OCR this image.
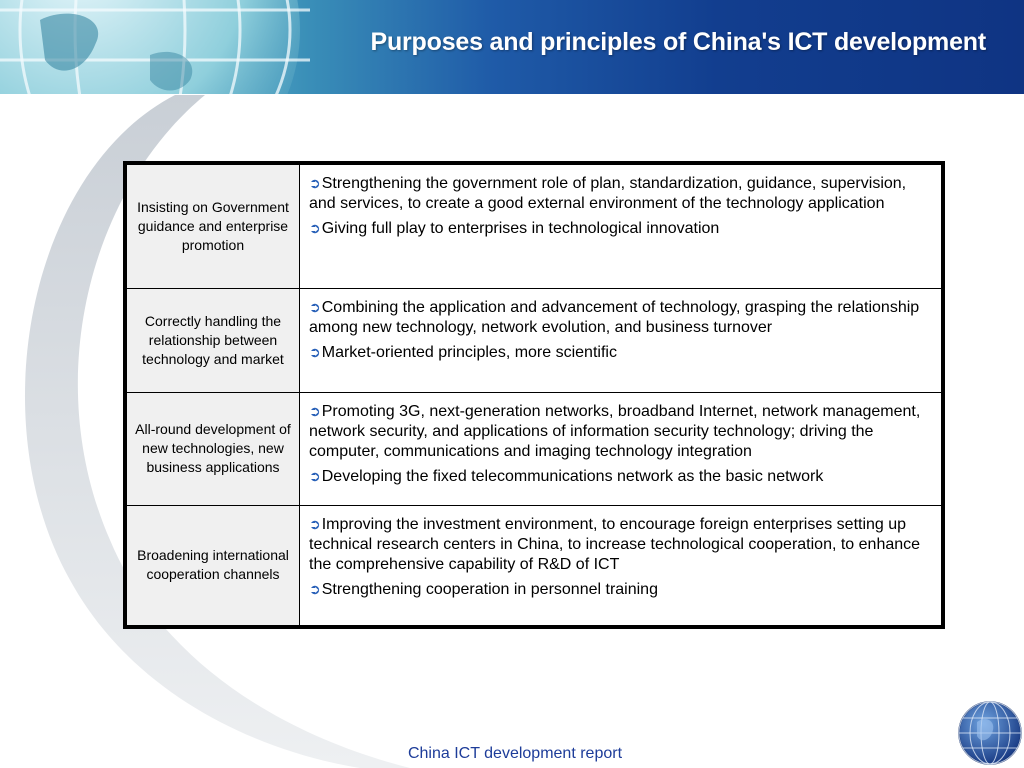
Purposes and principles of China's ICT development
Insisting on Government guidance and enterprise promotion	➲Strengthening the government role of plan, standardization, guidance, supervision, and services, to create a good external environment of the technology application
➲Giving full play to enterprises in technological innovation

Correctly handling the relationship between technology and market	➲Combining the application and advancement of technology, grasping the relationship among new technology, network evolution, and business turnover
➲Market-oriented principles, more scientific

All-round development of new technologies, new business applications	➲Promoting 3G, next-generation networks, broadband Internet, network management, network security, and applications of information security technology; driving the computer, communications and imaging technology integration
➲Developing the fixed telecommunications network as the basic network

Broadening international cooperation channels	➲Improving the investment environment, to encourage foreign enterprises setting up technical research centers in China, to increase technological cooperation, to enhance the comprehensive capability of R&D of ICT
➲Strengthening cooperation in personnel training
China ICT development report
